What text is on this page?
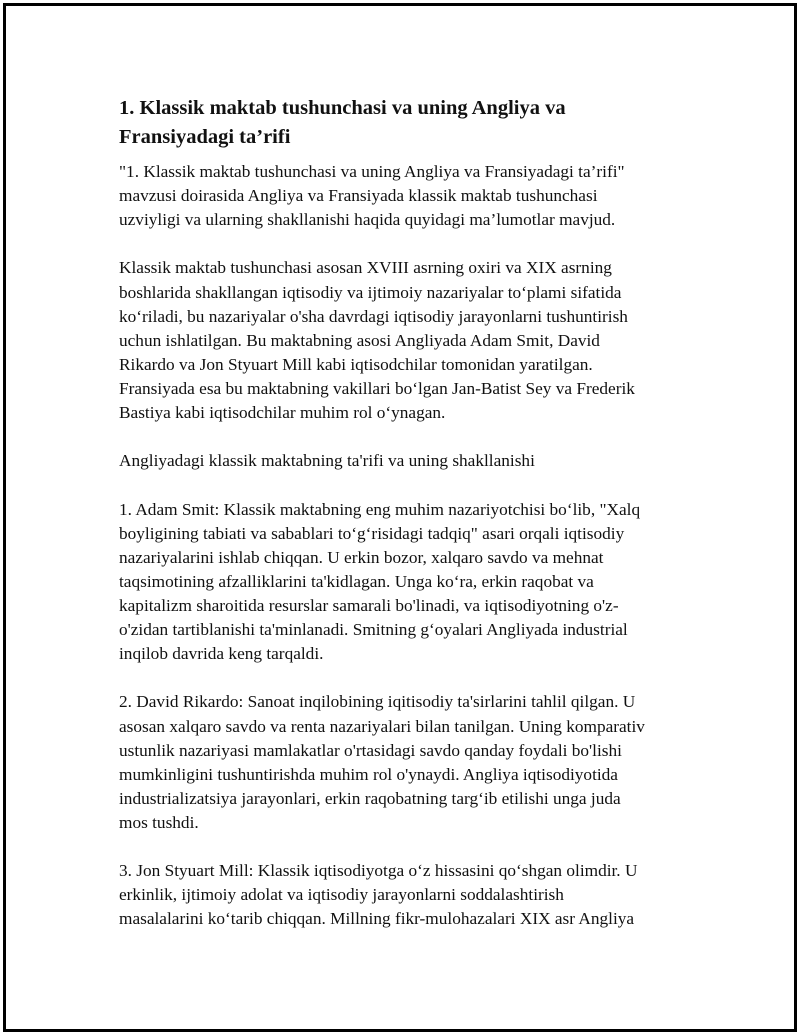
1. Klassik maktab tushunchasi va uning Angliya va
Fransiyadagi ta’rifi

"1. Klassik maktab tushunchasi va uning Angliya va Fransiyadagi ta’rifi"
mavzusi doirasida Angliya va Fransiyada klassik maktab tushunchasi
uzviyligi va ularning shakllanishi haqida quyidagi ma’lumotlar mavjud.

Klassik maktab tushunchasi asosan XVIII asrning oxiri va XIX asrning
boshlarida shakllangan iqtisodiy va ijtimoiy nazariyalar to‘plami sifatida
ko‘riladi, bu nazariyalar o'sha davrdagi iqtisodiy jarayonlarni tushuntirish
uchun ishlatilgan. Bu maktabning asosi Angliyada Adam Smit, David
Rikardo va Jon Styuart Mill kabi iqtisodchilar tomonidan yaratilgan.
Fransiyada esa bu maktabning vakillari bo‘lgan Jan-Batist Sey va Frederik
Bastiya kabi iqtisodchilar muhim rol o‘ynagan.

Angliyadagi klassik maktabning ta'rifi va uning shakllanishi

1. Adam Smit: Klassik maktabning eng muhim nazariyotchisi bo‘lib, "Xalq
boyligining tabiati va sabablari to‘g‘risidagi tadqiq" asari orqali iqtisodiy
nazariyalarini ishlab chiqqan. U erkin bozor, xalqaro savdo va mehnat
taqsimotining afzalliklarini ta'kidlagan. Unga ko‘ra, erkin raqobat va
kapitalizm sharoitida resurslar samarali bo'linadi, va iqtisodiyotning o'z-
o'zidan tartiblanishi ta'minlanadi. Smitning g‘oyalari Angliyada industrial
inqilob davrida keng tarqaldi.

2. David Rikardo: Sanoat inqilobining iqitisodiy ta'sirlarini tahlil qilgan. U
asosan xalqaro savdo va renta nazariyalari bilan tanilgan. Uning komparativ
ustunlik nazariyasi mamlakatlar o'rtasidagi savdo qanday foydali bo'lishi
mumkinligini tushuntirishda muhim rol o'ynaydi. Angliya iqtisodiyotida
industrializatsiya jarayonlari, erkin raqobatning targ‘ib etilishi unga juda
mos tushdi.

3. Jon Styuart Mill: Klassik iqtisodiyotga o‘z hissasini qo‘shgan olimdir. U
erkinlik, ijtimoiy adolat va iqtisodiy jarayonlarni soddalashtirish
masalalarini ko‘tarib chiqqan. Millning fikr-mulohazalari XIX asr Angliya
